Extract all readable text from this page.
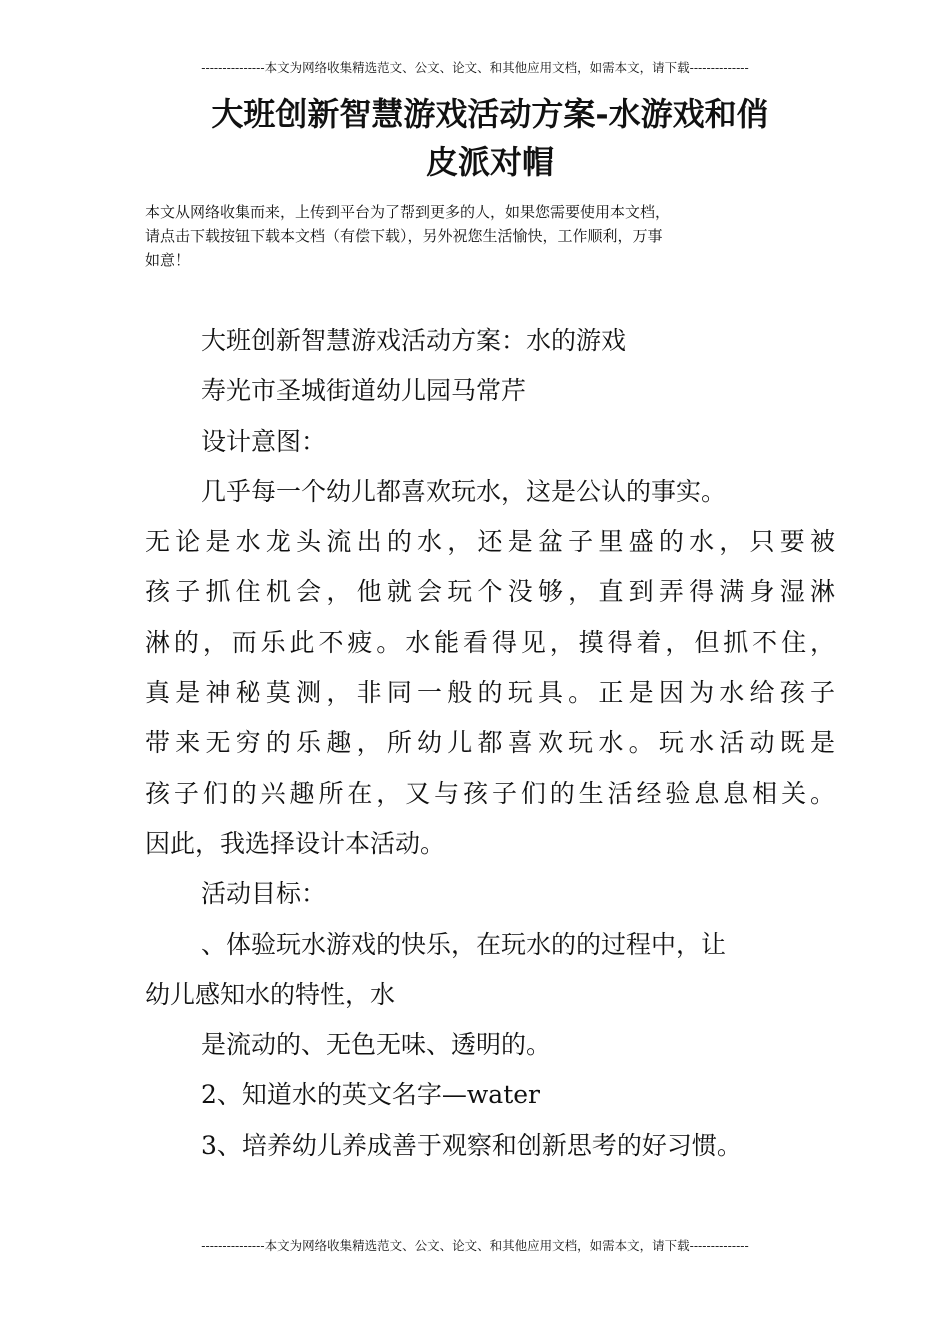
---------------本文为网络收集精选范文、公文、论文、和其他应用文档，如需本文，请下载--------------
大班创新智慧游戏活动方案-水游戏和俏
皮派对帽
本文从网络收集而来，上传到平台为了帮到更多的人，如果您需要使用本文档，
请点击下载按钮下载本文档（有偿下载），另外祝您生活愉快，工作顺利，万事
如意！
大班创新智慧游戏活动方案：水的游戏
寿光市圣城街道幼儿园马常芹
设计意图：
几乎每一个幼儿都喜欢玩水，这是公认的事实。
无论是水龙头流出的水，还是盆子里盛的水，只要被
孩子抓住机会，他就会玩个没够，直到弄得满身湿淋
淋的，而乐此不疲。水能看得见，摸得着，但抓不住，
真是神秘莫测，非同一般的玩具。正是因为水给孩子
带来无穷的乐趣，所幼儿都喜欢玩水。玩水活动既是
孩子们的兴趣所在，又与孩子们的生活经验息息相关。
因此，我选择设计本活动。
活动目标：
、体验玩水游戏的快乐，在玩水的的过程中，让
幼儿感知水的特性，水
是流动的、无色无味、透明的。
2、知道水的英文名字—water
3、培养幼儿养成善于观察和创新思考的好习惯。
---------------本文为网络收集精选范文、公文、论文、和其他应用文档，如需本文，请下载--------------
